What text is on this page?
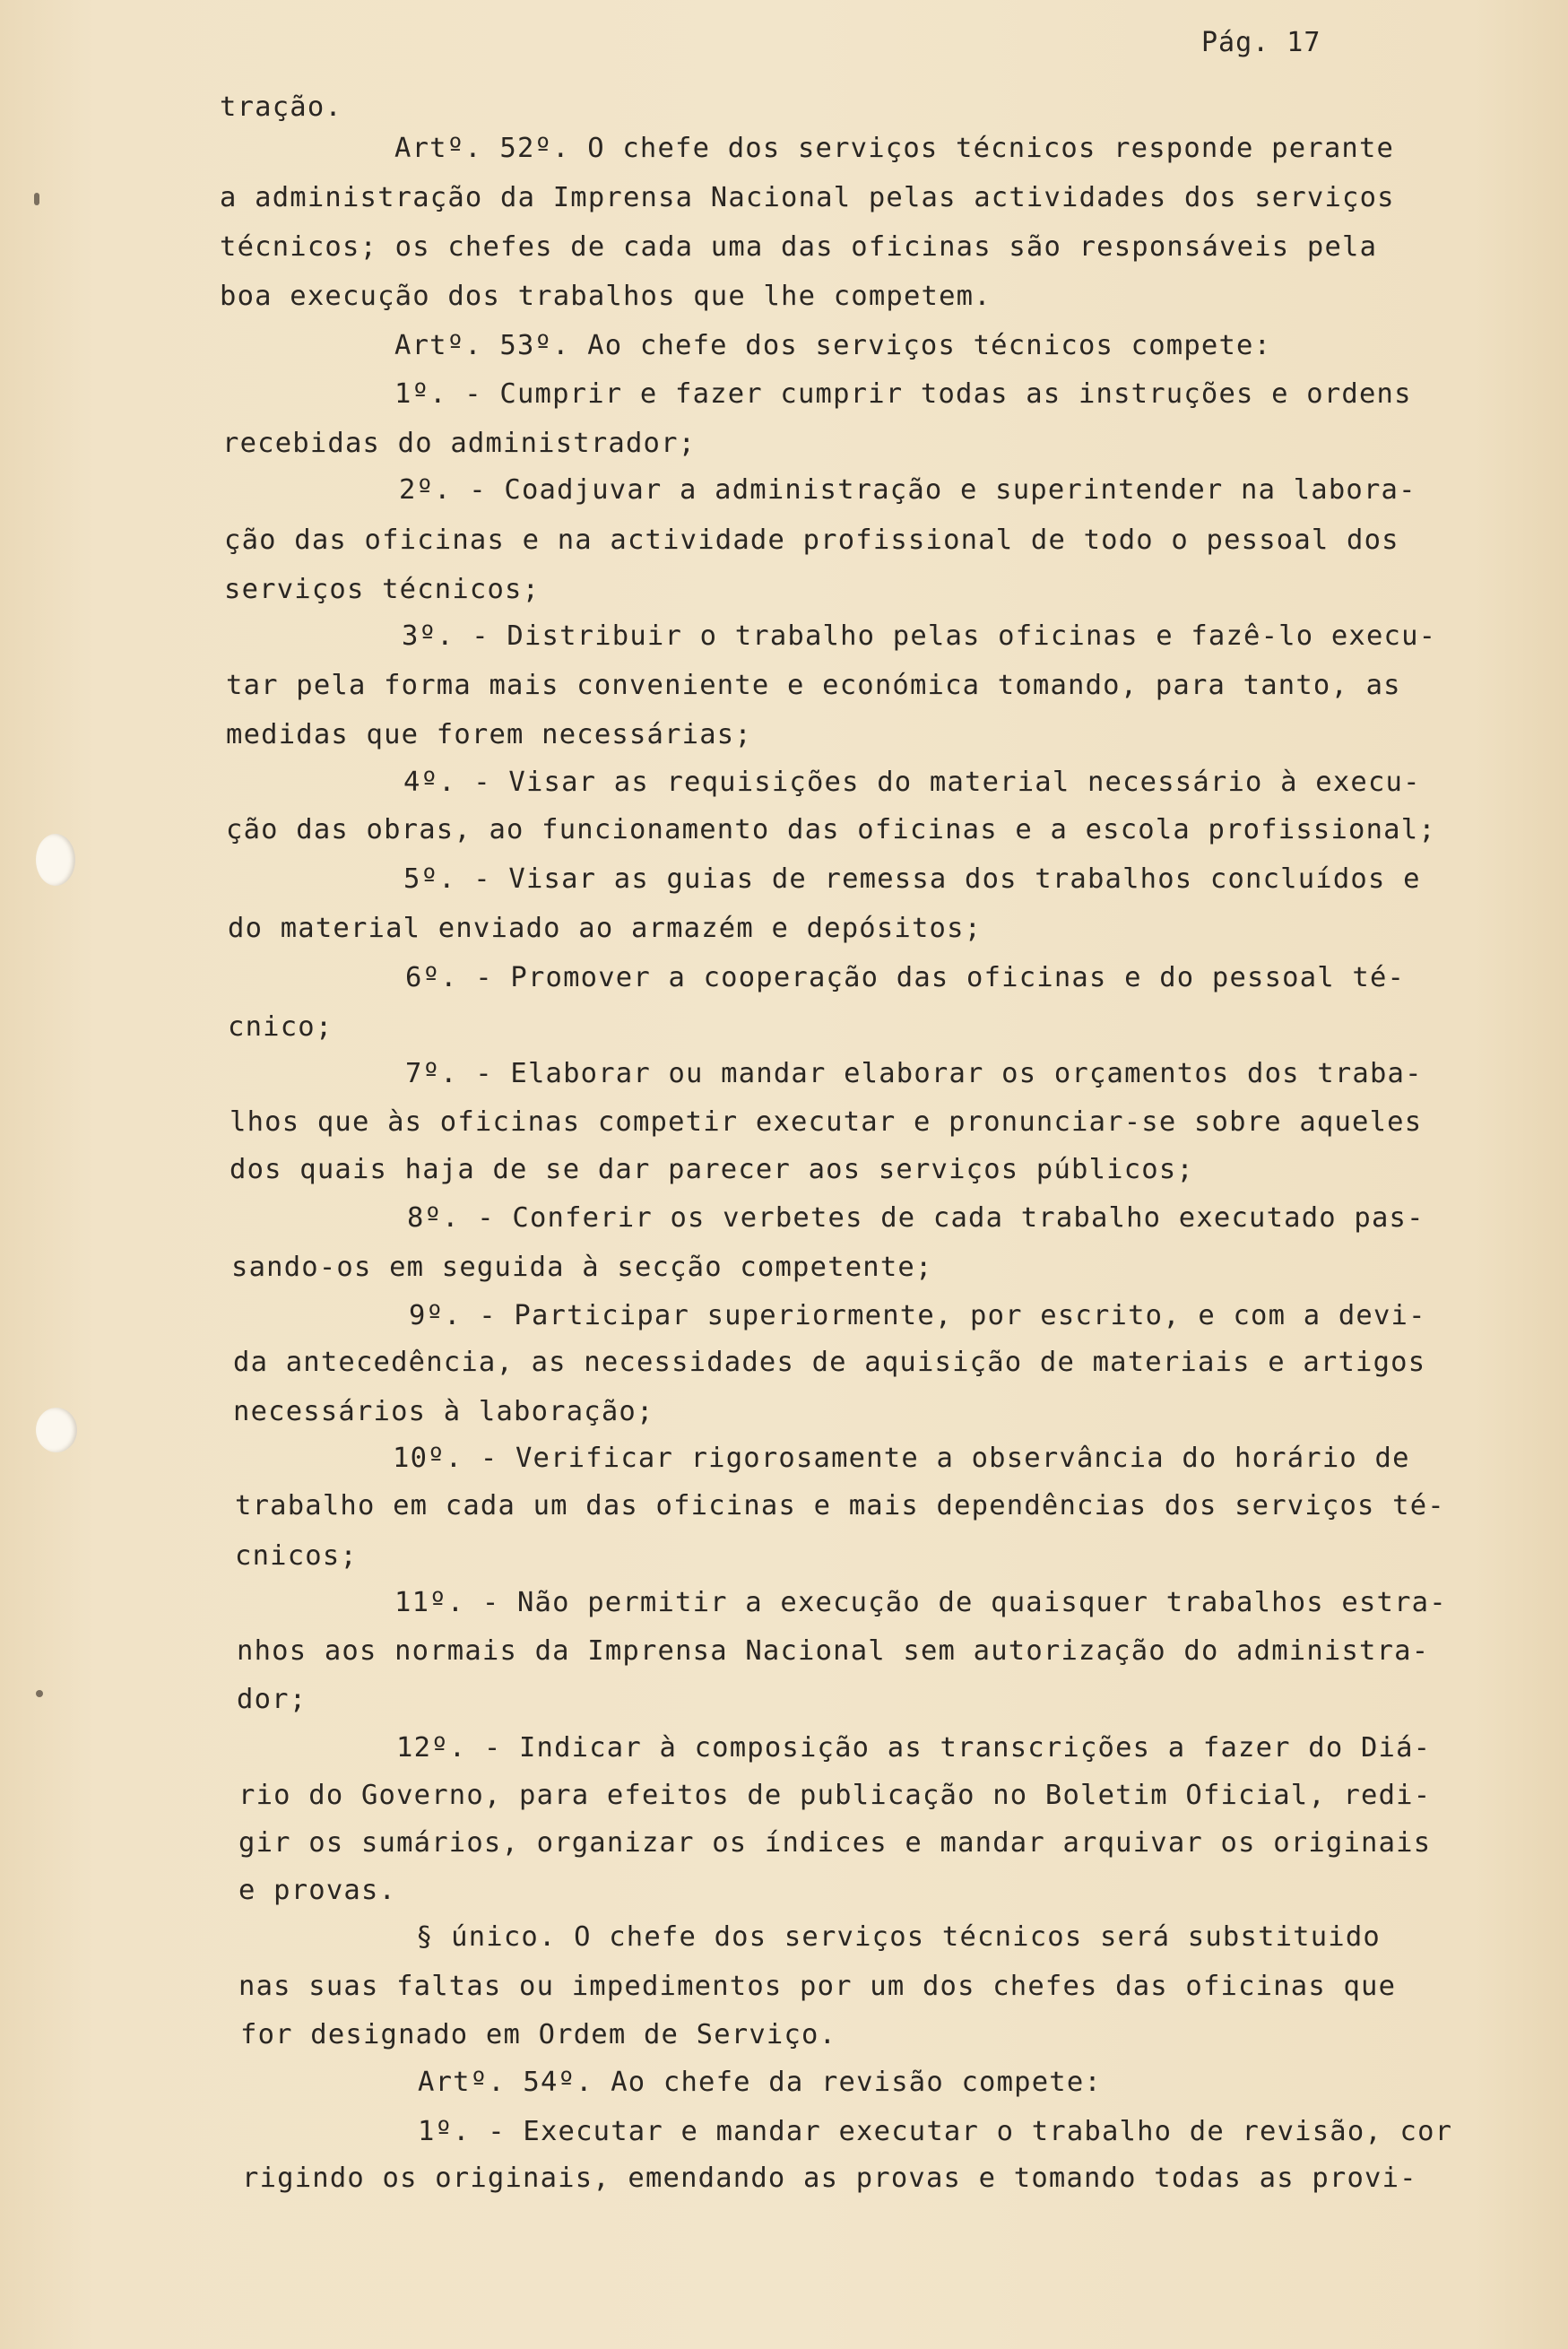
Pág. 17
tração.
Artº. 52º. O chefe dos serviços técnicos responde perante
a administração da Imprensa Nacional pelas actividades dos serviços
técnicos; os chefes de cada uma das oficinas são responsáveis pela
boa execução dos trabalhos que lhe competem.
Artº. 53º. Ao chefe dos serviços técnicos compete:
1º. - Cumprir e fazer cumprir todas as instruções e ordens
recebidas do administrador;
2º. - Coadjuvar a administração e superintender na labora-
ção das oficinas e na actividade profissional de todo o pessoal dos
serviços técnicos;
3º. - Distribuir o trabalho pelas oficinas e fazê-lo execu-
tar pela forma mais conveniente e económica tomando, para tanto, as
medidas que forem necessárias;
4º. - Visar as requisições do material necessário à execu-
ção das obras, ao funcionamento das oficinas e a escola profissional;
5º. - Visar as guias de remessa dos trabalhos concluídos e
do material enviado ao armazém e depósitos;
6º. - Promover a cooperação das oficinas e do pessoal té-
cnico;
7º. - Elaborar ou mandar elaborar os orçamentos dos traba-
lhos que às oficinas competir executar e pronunciar-se sobre aqueles
dos quais haja de se dar parecer aos serviços públicos;
8º. - Conferir os verbetes de cada trabalho executado pas-
sando-os em seguida à secção competente;
9º. - Participar superiormente, por escrito, e com a devi-
da antecedência, as necessidades de aquisição de materiais e artigos
necessários à laboração;
10º. - Verificar rigorosamente a observância do horário de
trabalho em cada um das oficinas e mais dependências dos serviços té-
cnicos;
11º. - Não permitir a execução de quaisquer trabalhos estra-
nhos aos normais da Imprensa Nacional sem autorização do administra-
dor;
12º. - Indicar à composição as transcrições a fazer do Diá-
rio do Governo, para efeitos de publicação no Boletim Oficial, redi-
gir os sumários, organizar os índices e mandar arquivar os originais
e provas.
§ único. O chefe dos serviços técnicos será substituido
nas suas faltas ou impedimentos por um dos chefes das oficinas que
for designado em Ordem de Serviço.
Artº. 54º. Ao chefe da revisão compete:
1º. - Executar e mandar executar o trabalho de revisão, cor
rigindo os originais, emendando as provas e tomando todas as provi-
